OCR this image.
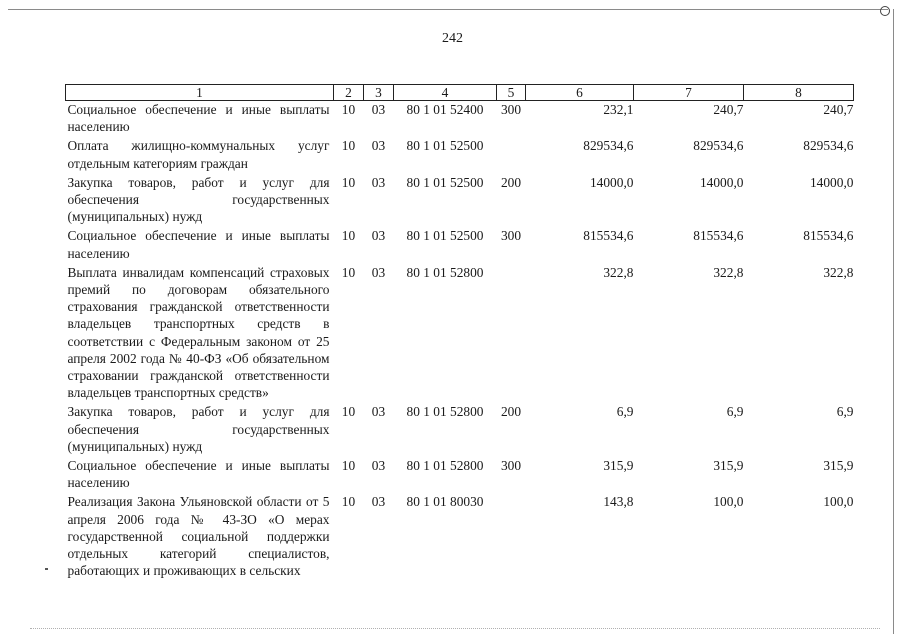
242
1	2	3	4	5	6	7	8
Социальное обеспечение и иные выплаты населению	10	03	80 1 01 52400	300	232,1	240,7	240,7
Оплата жилищно-коммунальных услуг отдельным категориям граждан	10	03	80 1 01 52500		829534,6	829534,6	829534,6
Закупка товаров, работ и услуг для обеспечения государственных (муниципальных) нужд	10	03	80 1 01 52500	200	14000,0	14000,0	14000,0
Социальное обеспечение и иные выплаты населению	10	03	80 1 01 52500	300	815534,6	815534,6	815534,6
Выплата инвалидам компенсаций страховых премий по договорам обязательного страхования гражданской ответственности владельцев транспортных средств в соответствии с Федеральным законом от 25 апреля 2002 года № 40-ФЗ «Об обязательном страховании гражданской ответственности владельцев транспортных средств»	10	03	80 1 01 52800		322,8	322,8	322,8
Закупка товаров, работ и услуг для обеспечения государственных (муниципальных) нужд	10	03	80 1 01 52800	200	6,9	6,9	6,9
Социальное обеспечение и иные выплаты населению	10	03	80 1 01 52800	300	315,9	315,9	315,9
Реализация Закона Ульяновской области от 5 апреля 2006 года № 43-ЗО «О мерах государственной социальной поддержки отдельных категорий специалистов, работающих и проживающих в сельских	10	03	80 1 01 80030		143,8	100,0	100,0
